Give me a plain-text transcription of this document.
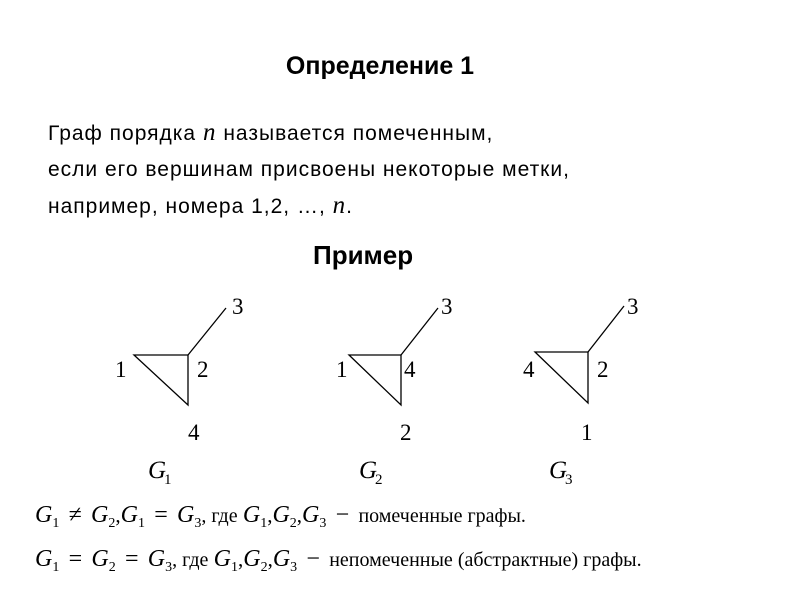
Определение 1
Граф порядка n называется помеченным,
если его вершинам присвоены некоторые метки,
например, номера 1,2, …, n.
Пример
1	2
3
4
G
1
1 4
3
2
G
2
4	2
3
1
G
3
$G_1 \ne G_2,G_1 = G_3$, где $G_1,G_2,G_3$ − помеченные графы.
$G_1 = G_2 = G_3$, где $G_1,G_2,G_3$ − непомеченные (абстрактные) графы.
